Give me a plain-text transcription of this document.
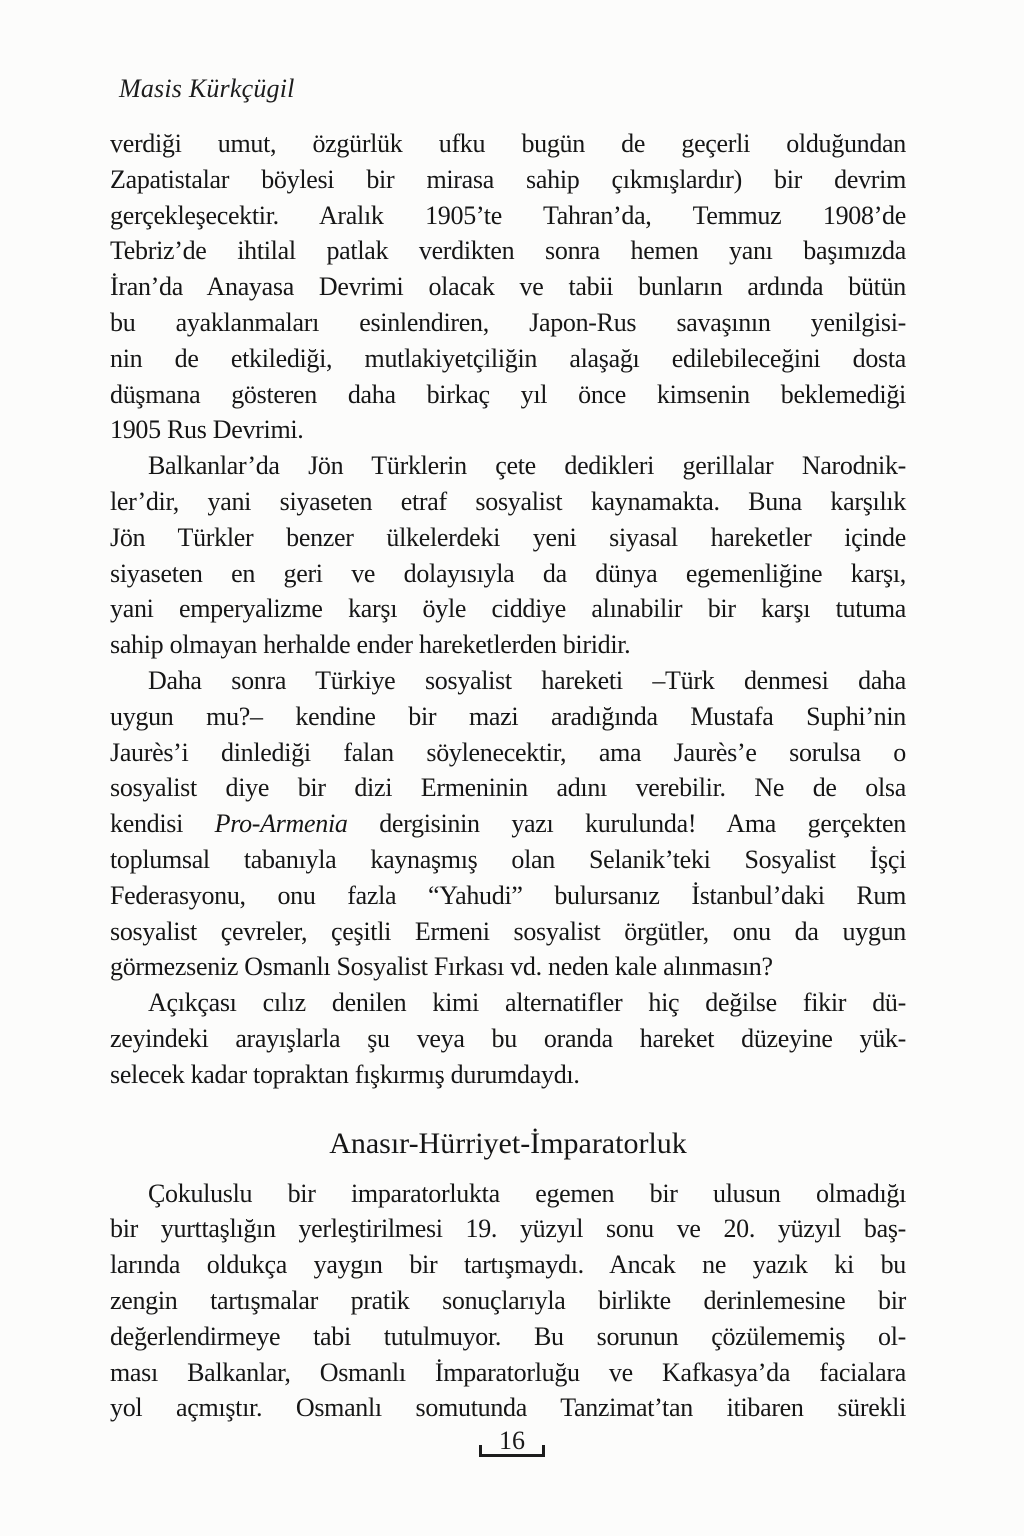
Masis Kürkçügil
verdiği umut, özgürlük ufku bugün de geçerli olduğundan
Zapatistalar böylesi bir mirasa sahip çıkmışlardır) bir devrim
gerçekleşecektir. Aralık 1905’te Tahran’da, Temmuz 1908’de
Tebriz’de ihtilal patlak verdikten sonra hemen yanı başımızda
İran’da Anayasa Devrimi olacak ve tabii bunların ardında bütün
bu ayaklanmaları esinlendiren, Japon-Rus savaşının yenilgisi-
nin de etkilediği, mutlakiyetçiliğin alaşağı edilebileceğini dosta
düşmana gösteren daha birkaç yıl önce kimsenin beklemediği
1905 Rus Devrimi.
Balkanlar’da Jön Türklerin çete dedikleri gerillalar Narodnik-
ler’dir, yani siyaseten etraf sosyalist kaynamakta. Buna karşılık
Jön Türkler benzer ülkelerdeki yeni siyasal hareketler içinde
siyaseten en geri ve dolayısıyla da dünya egemenliğine karşı,
yani emperyalizme karşı öyle ciddiye alınabilir bir karşı tutuma
sahip olmayan herhalde ender hareketlerden biridir.
Daha sonra Türkiye sosyalist hareketi –Türk denmesi daha
uygun mu?– kendine bir mazi aradığında Mustafa Suphi’nin
Jaurès’i dinlediği falan söylenecektir, ama Jaurès’e sorulsa o
sosyalist diye bir dizi Ermeninin adını verebilir. Ne de olsa
kendisi Pro-Armenia dergisinin yazı kurulunda! Ama gerçekten
toplumsal tabanıyla kaynaşmış olan Selanik’teki Sosyalist İşçi
Federasyonu, onu fazla “Yahudi” bulursanız İstanbul’daki Rum
sosyalist çevreler, çeşitli Ermeni sosyalist örgütler, onu da uygun
görmezseniz Osmanlı Sosyalist Fırkası vd. neden kale alınmasın?
Açıkçası cılız denilen kimi alternatifler hiç değilse fikir dü-
zeyindeki arayışlarla şu veya bu oranda hareket düzeyine yük-
selecek kadar topraktan fışkırmış durumdaydı.
Anasır-Hürriyet-İmparatorluk
Çokuluslu bir imparatorlukta egemen bir ulusun olmadığı
bir yurttaşlığın yerleştirilmesi 19. yüzyıl sonu ve 20. yüzyıl baş-
larında oldukça yaygın bir tartışmaydı. Ancak ne yazık ki bu
zengin tartışmalar pratik sonuçlarıyla birlikte derinlemesine bir
değerlendirmeye tabi tutulmuyor. Bu sorunun çözülememiş ol-
ması Balkanlar, Osmanlı İmparatorluğu ve Kafkasya’da facialara
yol açmıştır. Osmanlı somutunda Tanzimat’tan itibaren sürekli
16
